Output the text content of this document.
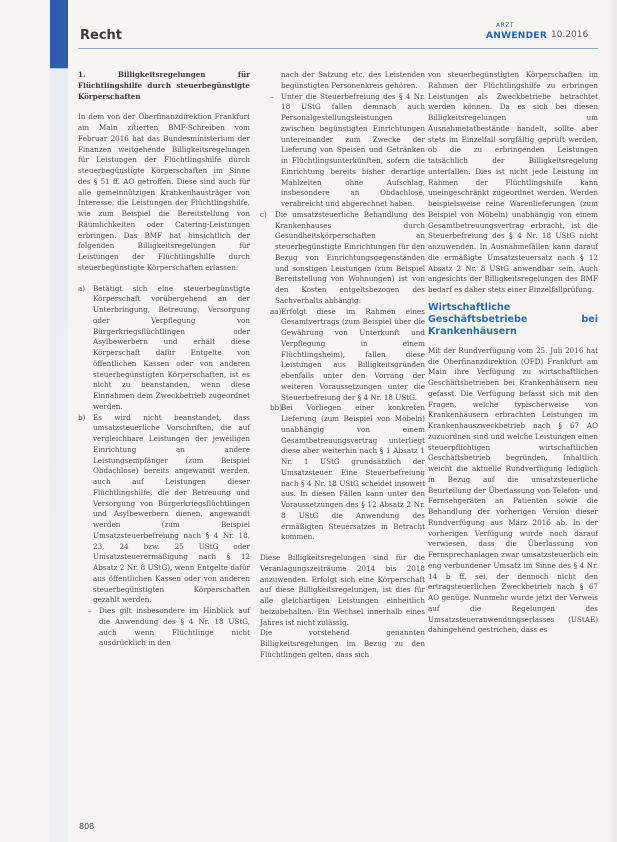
Recht
ARZT
ANWENDER 10.2016

1. Billigkeitsregelungen für Flüchtlingshilfe durch steuerbegünstigte Körperschaften

In dem von der Oberfinanzdirektion Frankfurt am Main zitierten BMF-Schreiben vom Februar 2016 hat das Bundesministerium der Finanzen weitgehende Billigkeitsregelungen für Leistungen der Flüchtlingshilfe durch steuerbegünstigte Körperschaften im Sinne des § 51 ff. AO getroffen. Diese sind auch für alle gemeinnützigen Krankenhausträger von Interesse, die Leistungen der Flüchtlingshilfe, wie zum Beispiel die Bereitstellung von Räumlichkeiten oder Catering-Leistungen erbringen. Das BMF hat hinsichtlich der folgenden Billigkeitsregelungen für Leistungen der Flüchtlingshilfe durch steuerbegünstigte Körperschaften erlassen:

a)	Betätigt sich eine steuerbegünstigte Körperschaft vorübergehend an der Unterbringung, Betreuung, Versorgung oder Verpflegung von Bürgerkriegsflüchtlingen oder Asylbewerbern und erhält diese Körperschaft dafür Entgelte von öffentlichen Kassen oder von anderen steuerbegünstigten Körperschaften, ist es nicht zu beanstanden, wenn diese Einnahmen dem Zweckbetrieb zugeordnet werden.
b)	Es wird nicht beanstandet, dass umsatzsteuerliche Vorschriften, die auf vergleichbare Leistungen der jeweiligen Einrichtung an andere Leistungsempfänger (zum Beispiel Obdachlose) bereits angewandt werden, auch auf Leistungen dieser Flüchtlingshilfe, die der Betreuung und Versorgung von Bürgerkriegsflüchtlingen und Asylbewerbern dienen, angewandt werden (zum Beispiel Umsatzsteuerbefreiung nach § 4 Nr. 18, 23, 24 bzw. 25 UStG oder Umsatzsteuerermäßigung nach § 12 Absatz 2 Nr. 8 UStG), wenn Entgelte dafür aus öffentlichen Kassen oder von anderen steuerbegünstigten Körperschaften gezahlt werden.
–	Dies gilt insbesondere im Hinblick auf die Anwendung des § 4 Nr. 18 UStG, auch wenn Flüchtlinge nicht ausdrücklich in den
nach der Satzung etc. des Leistenden begünstigten Personenkreis gehören.
–	Unter die Steuerbefreiung des § 4 Nr. 18 UStG fallen demnach auch Personalgestellungsleistungen zwischen begünstigten Einrichtungen untereinander zum Zwecke der Lieferung von Speisen und Getränken in Flüchtlingsunterkünften, sofern die Einrichtung bereits bisher derartige Mahlzeiten ohne Aufschlag, insbesondere an Obdachlose, verabreicht und abgerechnet haben.
c)	Die umsatzsteuerliche Behandlung des Krankenhauses durch Gesundheitskörperschaften an steuerbegünstigte Einrichtungen für den Bezug von Einrichtungsgegenständen und sonstigen Leistungen (zum Beispiel Bereitstellung von Wohnungen) ist von den Kosten entgeltsbezogen des Sachverhalts abhängig:
aa) Erfolgt diese im Rahmen eines Gesamtvertrags (zum Beispiel über die Gewährung von Unterkunft und Verpflegung in einem Flüchtlingsheim), fallen diese Leistungen aus Billigkeitsgründen ebenfalls unter den Vorrang der weiteren Voraussetzungen unter die Steuerbefreiung der § 4 Nr. 18 UStG.
bb)
Bei Vorliegen einer konkreten Lieferung (zum Beispiel von Möbeln) unabhängig von einem Gesamtbetreuungsvertrag unterliegt diese aber weiterhin nach § 1 Absatz 1 Nr. 1 UStG grundsätzlich der Umsatzsteuer. Eine Steuerbefreiung nach § 4 Nr. 18 UStG scheidet insoweit aus. In diesen Fällen kann unter den Voraussetzungen des § 12 Absatz 2 Nr. 8 UStG die Anwendung des ermäßigten Steuersatzes in Betracht kommen.

Diese Billigkeitsregelungen sind für die Veranlagungszeiträume 2014 bis 2018 anzuwenden. Erfolgt sich eine Körperschaft auf diese Billigkeitsregelungen, ist dies für alle gleichartigen Leistungen einheitlich beizubehalten. Ein Wechsel innerhalb eines Jahres ist nicht zulässig.

Die vorstehend genannten Billigkeitsregelungen im Bezug zu den Flüchtlingen gelten, dass sich

von steuerbegünstigten Körperschaften im Rahmen der Flüchtlingshilfe zu erbringen Leistungen als Zweckbetriebe betrachtet werden können. Da es sich bei diesen Billigkeitsregelungen um Ausnahmetatbestände handelt, sollte aber stets im Einzelfall sorgfältig geprüft werden, ob die zu erbringenden Leistungen tatsächlich der Billigkeitsregelung unterfallen. Dies ist nicht jede Leistung im Rahmen der Flüchtlingshilfe kann uneingeschränkt zugeordnet werden. Werden beispielsweise reine Warenlieferungen (zum Beispiel von Möbeln) unabhängig von einem Gesamtbetreuungsvertrag erbracht, ist die Steuerbefreiung des § 4 Nr. 18 UStG nicht anzuwenden. In Ausnahmefällen kann darauf die ermäßigte Umsatzsteuersatz nach § 12 Absatz 2 Nr. 8 UStG anwendbar sein. Auch angesichts der Billigkeitsregelungen des BMF bedarf es daher stets einer Einzelfallprüfung.

Wirtschaftliche Geschäftsbetriebe bei Krankenhäusern

Mit der Rundverfügung vom 25. Juli 2016 hat die Oberfinanzdirektion (OFD) Frankfurt am Main ihre Verfügung zu wirtschaftlichen Geschäftsbetrieben bei Krankenhäusern neu gefasst. Die Verfügung befasst sich mit den Fragen, welche typischerweise von Krankenhäusern erbrachten Leistungen im Krankenhauszweckbetrieb nach § 67 AO zuzuordnen sind und welche Leistungen einen steuerpflichtigen wirtschaftlichen Geschäftsbetrieb begründen. Inhaltlich weicht die aktuelle Rundverfügung lediglich in Bezug auf die umsatzsteuerliche Beurteilung der Überlassung von Telefon- und Fernsehgeräten an Patienten sowie die Behandlung der vorherigen Version dieser Rundverfügung aus März 2016 ab. In der vorherigen Verfügung wurde noch darauf verwiesen, dass die Überlassung von Fernsprechanlagen zwar umsatzsteuerlich ein eng verbundener Umsatz im Sinne des § 4 Nr. 14 b ff. sei, der dennoch nicht den ertragsteuerlichen Zweckbetrieb nach § 67 AO genüge. Nunmehr wurde jetzt der Verweis auf die Regelungen des Umsatzsteueranwendungserlasses (UStAE) dahingehend gestrichen, dass es

808
